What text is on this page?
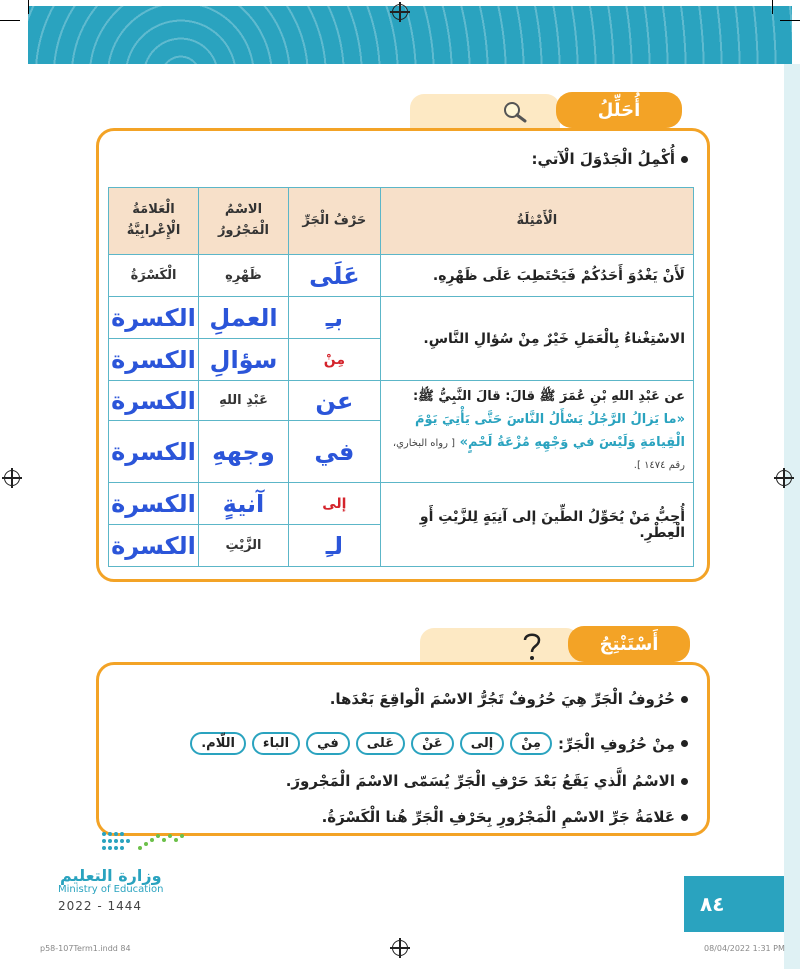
أُحَلِّلُ
أُكْمِلُ الْجَدْوَلَ الْآتي:
الْأَمْثِلَةُ	حَرْفُ الْجَرِّ	الاسْمُ الْمَجْرُورُ	الْعَلامَةُ الْإِعْرابِيَّةُ
لَأَنْ يَغْدُوَ أَحَدُكُمْ فَيَحْتَطِبَ عَلَى ظَهْرِهِ.	عَلَى	ظَهْرِهِ	الْكَسْرَةُ
الاسْتِغْناءُ بِالْعَمَلِ خَيْرٌ مِنْ سُؤالِ النَّاسِ.	بـِ	العملِ	الكسرة
	مِنْ	سؤالِ	الكسرة
عن عَبْدِ اللهِ بْنِ عُمَرَ ﷺ قالَ: قالَ النَّبِيُّ ﷺ: «ما يَزالُ الرَّجُلُ يَسْأَلُ النَّاسَ حَتَّى يَأْتِيَ يَوْمَ الْقِيامَةِ وَلَيْسَ في وَجْهِهِ مُزْعَةُ لَحْمٍ» [ رواه البخاري، رقم ١٤٧٤ ].	عن	عَبْدِ اللهِ	الكسرة
	في	وجههِ	الكسرة
أُحِبُّ مَنْ يُحَوِّلُ الطِّينَ إلى آنِيَةٍ لِلزَّيْتِ أَوِ الْعِطْرِ.	إلى	آنيةٍ	الكسرة
	لـِ	الزَّيْتِ	الكسرة
أَسْتَنْتِجُ
حُرُوفُ الْجَرِّ هِيَ حُرُوفٌ تَجُرُّ الاسْمَ الْواقِعَ بَعْدَها.
مِنْ حُرُوفِ الْجَرِّ:
مِنْ
إلى
عَنْ
عَلى
في
الباء
اللّام.
الاسْمُ الَّذي يَقَعُ بَعْدَ حَرْفِ الْجَرِّ يُسَمّى الاسْمَ الْمَجْرورَ.
عَلامَةُ جَرِّ الاسْمِ الْمَجْرُورِ بِحَرْفِ الْجَرِّ هُنا الْكَسْرَةُ.
وزارة التعليم
Ministry of Education
2022 - 1444	٨٤
p58-107Term1.indd 84	08/04/2022 1:31 PM
